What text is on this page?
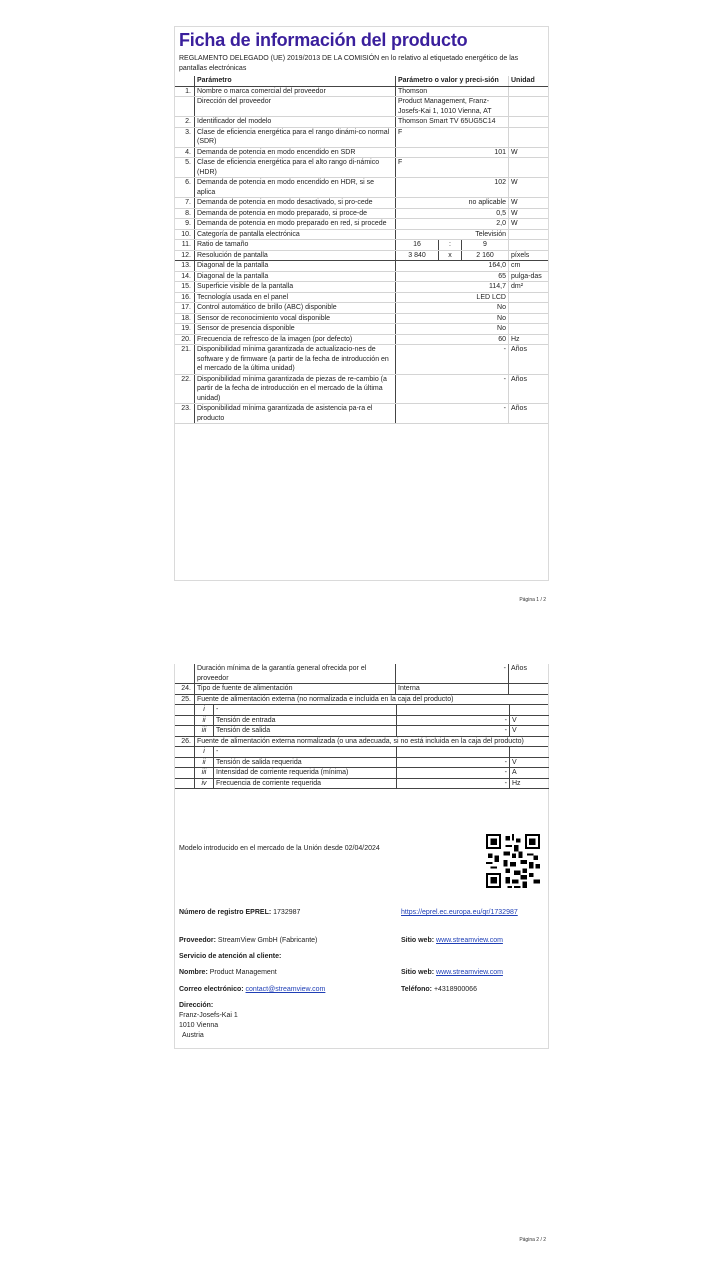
Ficha de información del producto
REGLAMENTO DELEGADO (UE) 2019/2013 DE LA COMISIÓN en lo relativo al etiquetado energético de las pantallas electrónicas
	Parámetro	Parámetro o valor y preci-sión	Unidad
1.	Nombre o marca comercial del proveedor	Thomson	
	Dirección del proveedor	Product Management, Franz-Josefs-Kai 1, 1010 Vienna, AT	
2.	Identificador del modelo	Thomson Smart TV 65UG5C14	
3.	Clase de eficiencia energética para el rango dinámi-co normal (SDR)	F	
4.	Demanda de potencia en modo encendido en SDR	101	W
5.	Clase de eficiencia energética para el alto rango di-námico (HDR)	F	
6.	Demanda de potencia en modo encendido en HDR, si se aplica	102	W
7.	Demanda de potencia en modo desactivado, si pro-cede	no aplicable	W
8.	Demanda de potencia en modo preparado, si proce-de	0,5	W
9.	Demanda de potencia en modo preparado en red, si procede	2,0	W
10.	Categoría de pantalla electrónica	Televisión	
11.	Ratio de tamaño	16 : 9	

12.	Resolución de pantalla	3 840 x 2 160	píxels
13.	Diagonal de la pantalla	164,0	cm
14.	Diagonal de la pantalla	65	pulga-das
15.	Superficie visible de la pantalla	114,7	dm²
16.	Tecnología usada en el panel	LED LCD	
17.	Control automático de brillo (ABC) disponible	No	
18.	Sensor de reconocimiento vocal disponible	No	
19.	Sensor de presencia disponible	No	
20.	Frecuencia de refresco de la imagen (por defecto)	60	Hz
21.	Disponibilidad mínima garantizada de actualizacio-nes de software y de firmware (a partir de la fecha de introducción en el mercado de la última unidad)	-	Años
22.	Disponibilidad mínima garantizada de piezas de re-cambio (a partir de la fecha de introducción en el mercado de la última unidad)	-	Años
23.	Disponibilidad mínima garantizada de asistencia pa-ra el producto	-	Años
Página 1 / 2
	Duración mínima de la garantía general ofrecida por el proveedor	-	Años
24.	Tipo de fuente de alimentación	Interna	
25.	Fuente de alimentación externa (no normalizada e incluida en la caja del producto)		
	i	-		
	ii	Tensión de entrada	-	V
	iii	Tensión de salida	-	V
26.	Fuente de alimentación externa normalizada (o una adecuada, si no está incluida en la caja del producto)
	i	-		
	ii	Tensión de salida requerida	-	V
	iii	Intensidad de corriente requerida (mínima)	-	A
	iv	Frecuencia de corriente requerida	-	Hz
Modelo introducido en el mercado de la Unión desde 02/04/2024
Número de registro EPREL: 1732987	https://eprel.ec.europa.eu/qr/1732987
Proveedor: StreamView GmbH (Fabricante)	Sitio web: www.streamview.com
Servicio de atención al cliente:
Nombre: Product Management	Sitio web: www.streamview.com
Correo electrónico: contact@streamview.com	Teléfono: +4318900066
Dirección:
Franz-Josefs-Kai 1
1010 Vienna
Austria
Página 2 / 2
